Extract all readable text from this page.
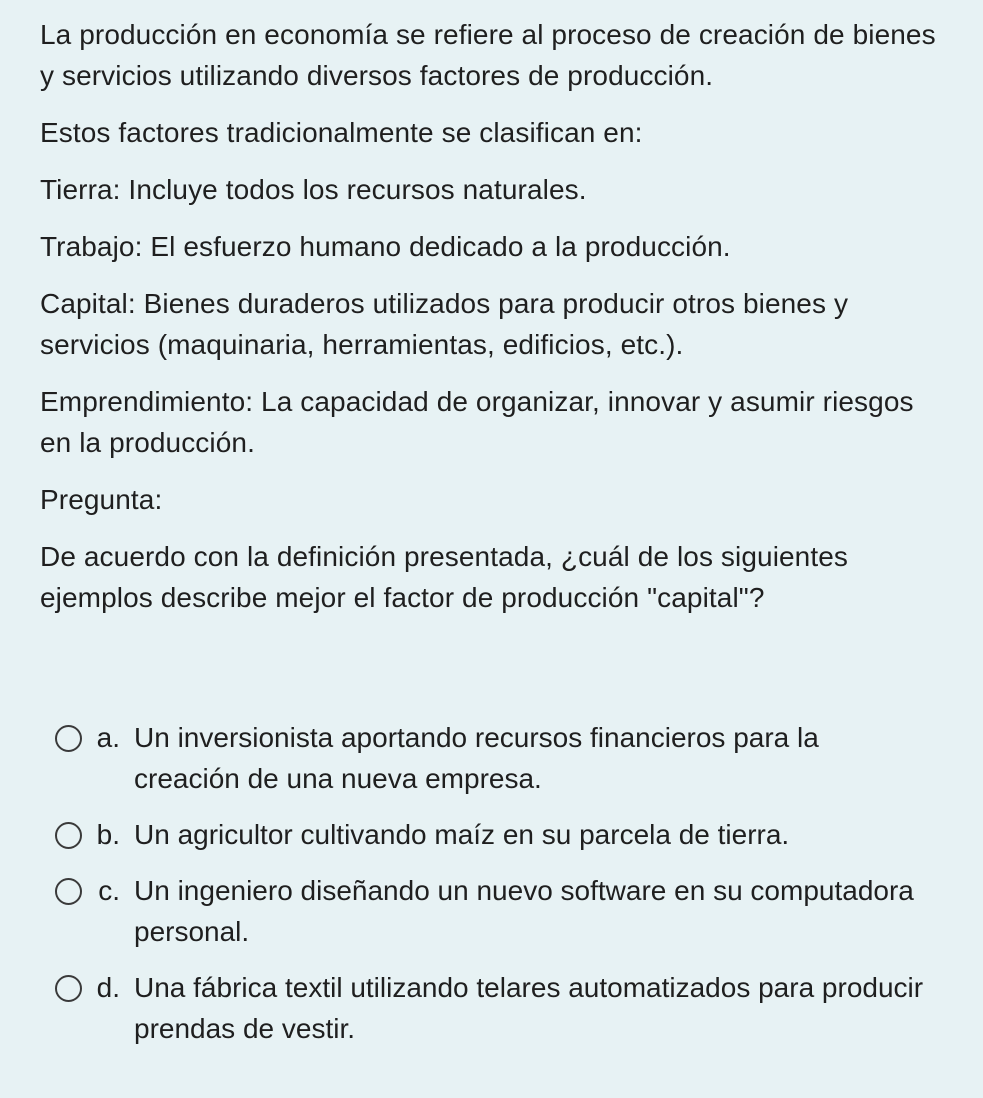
La producción en economía se refiere al proceso de creación de bienes y servicios utilizando diversos factores de producción.

Estos factores tradicionalmente se clasifican en:

Tierra: Incluye todos los recursos naturales.

Trabajo: El esfuerzo humano dedicado a la producción.

Capital: Bienes duraderos utilizados para producir otros bienes y servicios (maquinaria, herramientas, edificios, etc.).

Emprendimiento: La capacidad de organizar, innovar y asumir riesgos en la producción.

Pregunta:

De acuerdo con la definición presentada, ¿cuál de los siguientes ejemplos describe mejor el factor de producción "capital"?

a. Un inversionista aportando recursos financieros para la creación de una nueva empresa.
b. Un agricultor cultivando maíz en su parcela de tierra.
c. Un ingeniero diseñando un nuevo software en su computadora personal.
d. Una fábrica textil utilizando telares automatizados para producir prendas de vestir.
